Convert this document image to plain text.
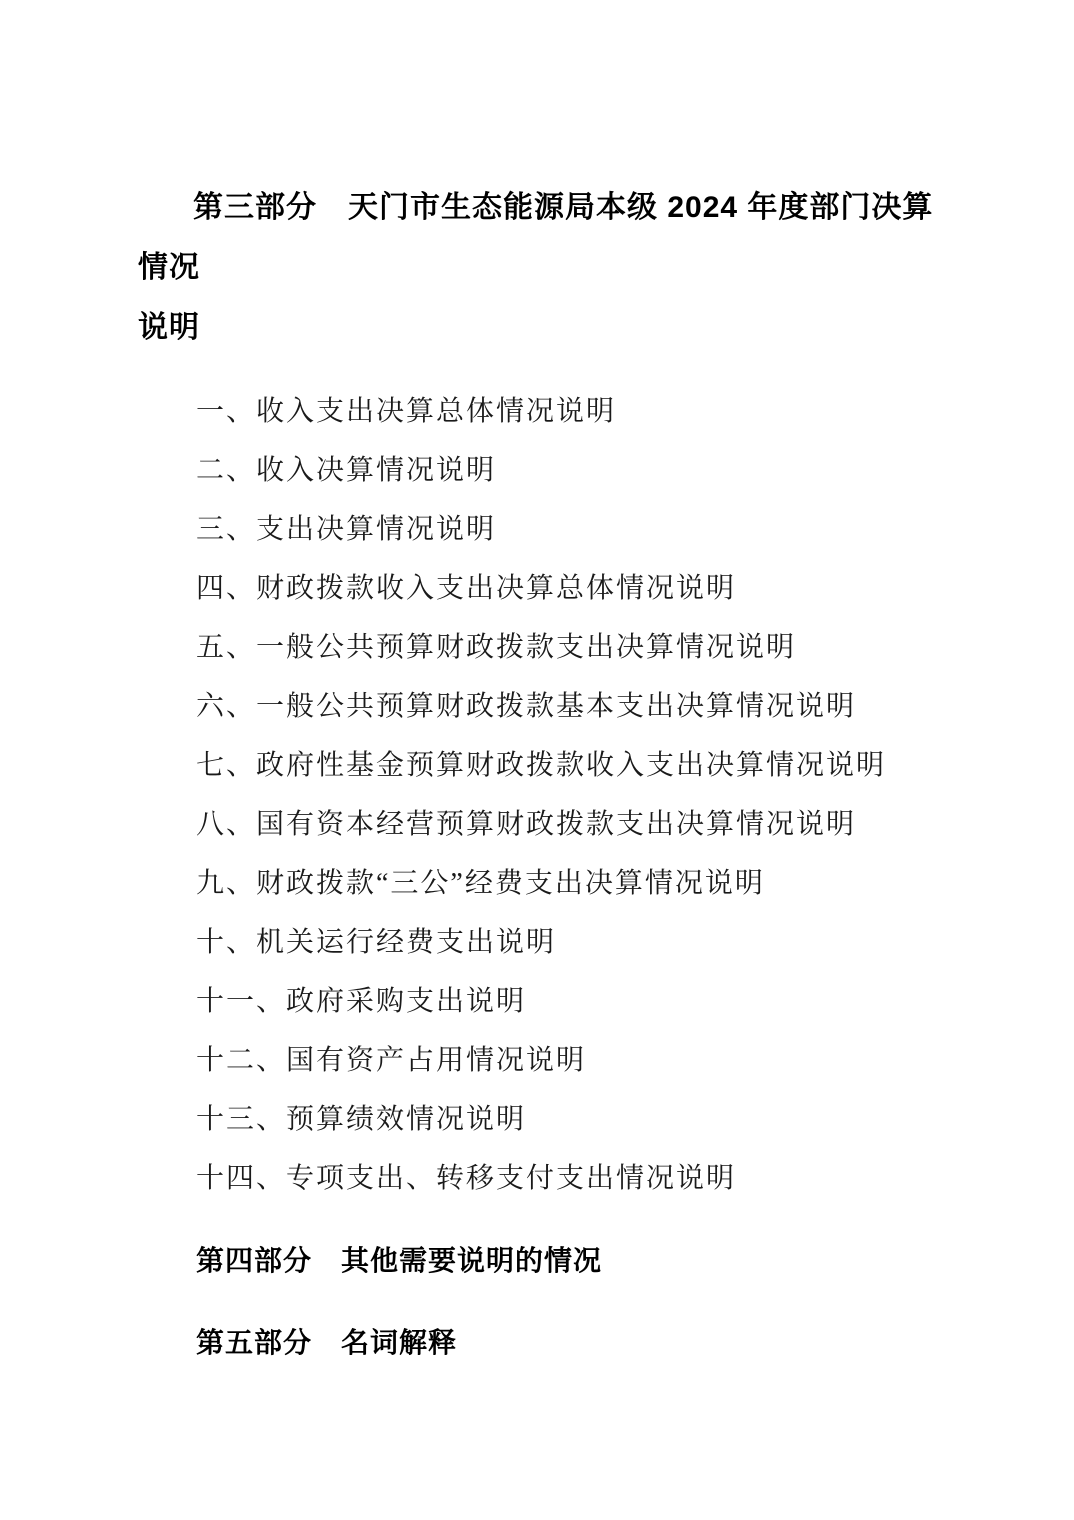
第三部分　天门市生态能源局本级 2024 年度部门决算情况
说明
一、收入支出决算总体情况说明
二、收入决算情况说明
三、支出决算情况说明
四、财政拨款收入支出决算总体情况说明
五、一般公共预算财政拨款支出决算情况说明
六、一般公共预算财政拨款基本支出决算情况说明
七、政府性基金预算财政拨款收入支出决算情况说明
八、国有资本经营预算财政拨款支出决算情况说明
九、财政拨款“三公”经费支出决算情况说明
十、机关运行经费支出说明
十一、政府采购支出说明
十二、国有资产占用情况说明
十三、预算绩效情况说明
十四、专项支出、转移支付支出情况说明
第四部分　其他需要说明的情况
第五部分　名词解释
